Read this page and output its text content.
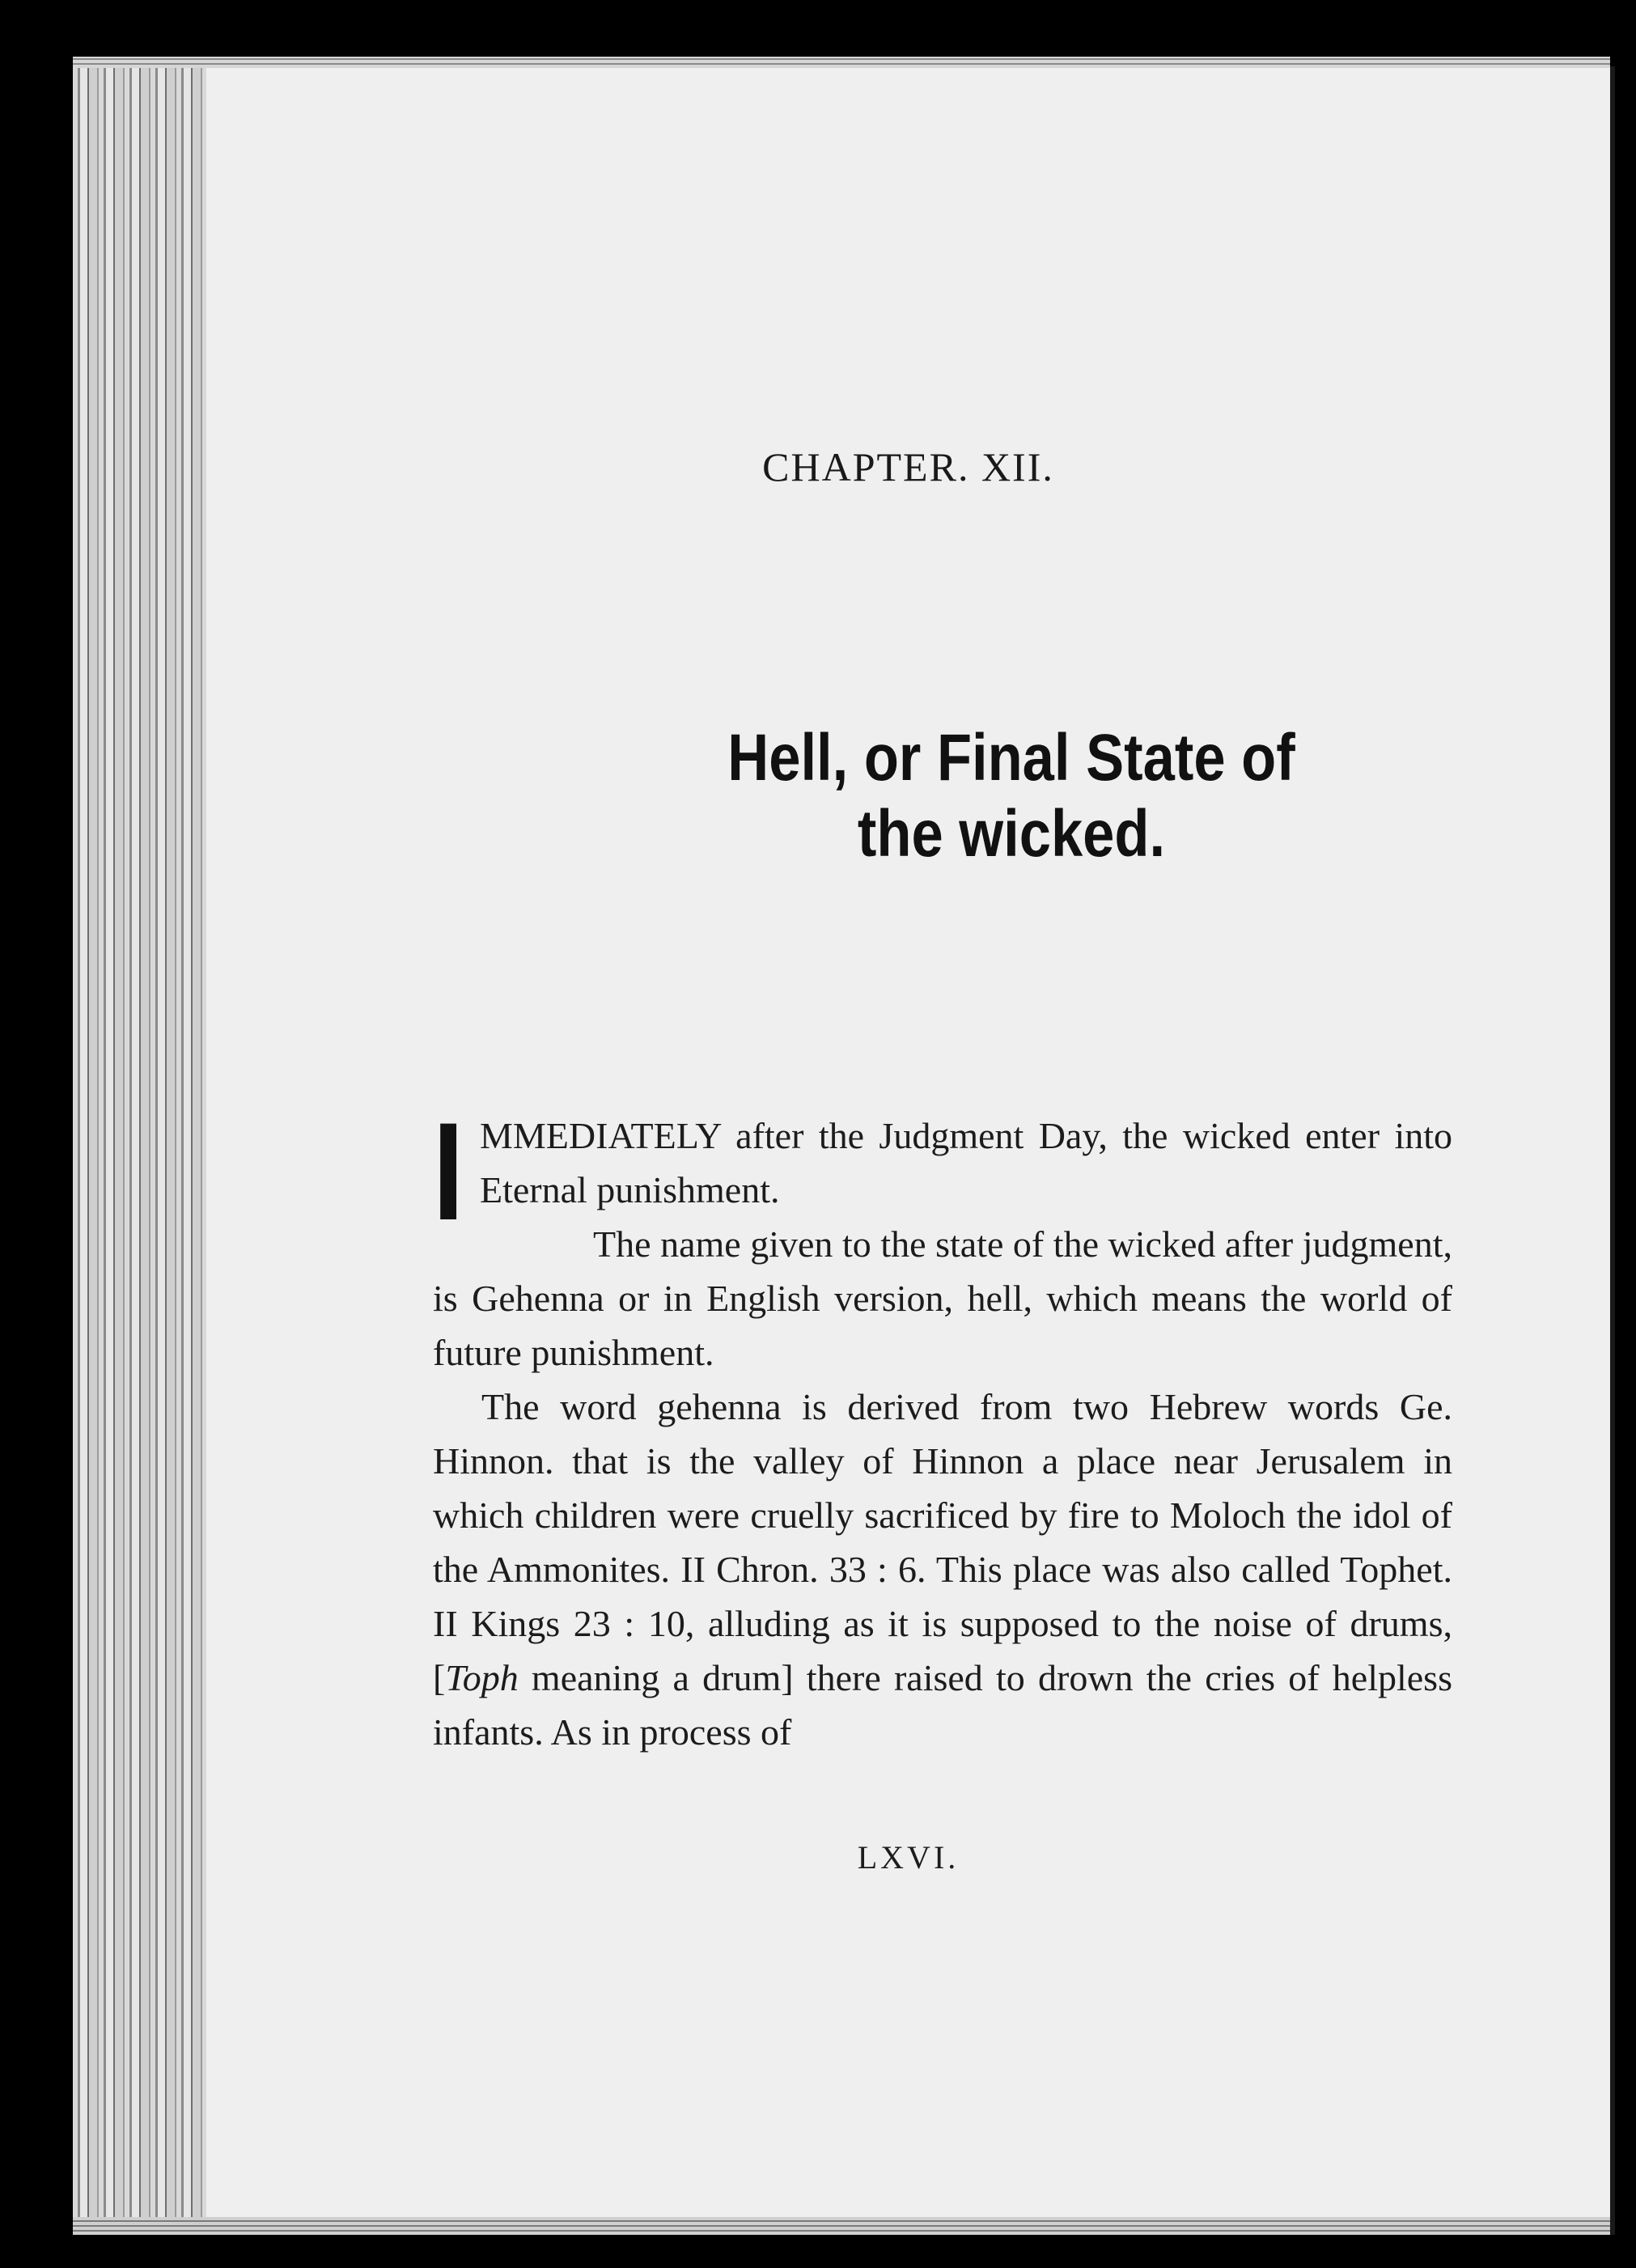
CHAPTER. XII.
Hell, or Final State of
the wicked.

I MMEDIATELY after the Judgment Day, the wicked enter into Eternal punishment.

The name given to the state of the wicked after judgment, is Gehenna or in English version, hell, which means the world of future punishment.

The word gehenna is derived from two Hebrew words Ge. Hinnon. that is the valley of Hinnon a place near Jerusalem in which children were cruelly sacrificed by fire to Moloch the idol of the Ammonites. II Chron. 33 : 6. This place was also called Tophet. II Kings 23 : 10, alluding as it is supposed to the noise of drums, [Toph meaning a drum] there raised to drown the cries of helpless infants. As in process of

LXVI.
